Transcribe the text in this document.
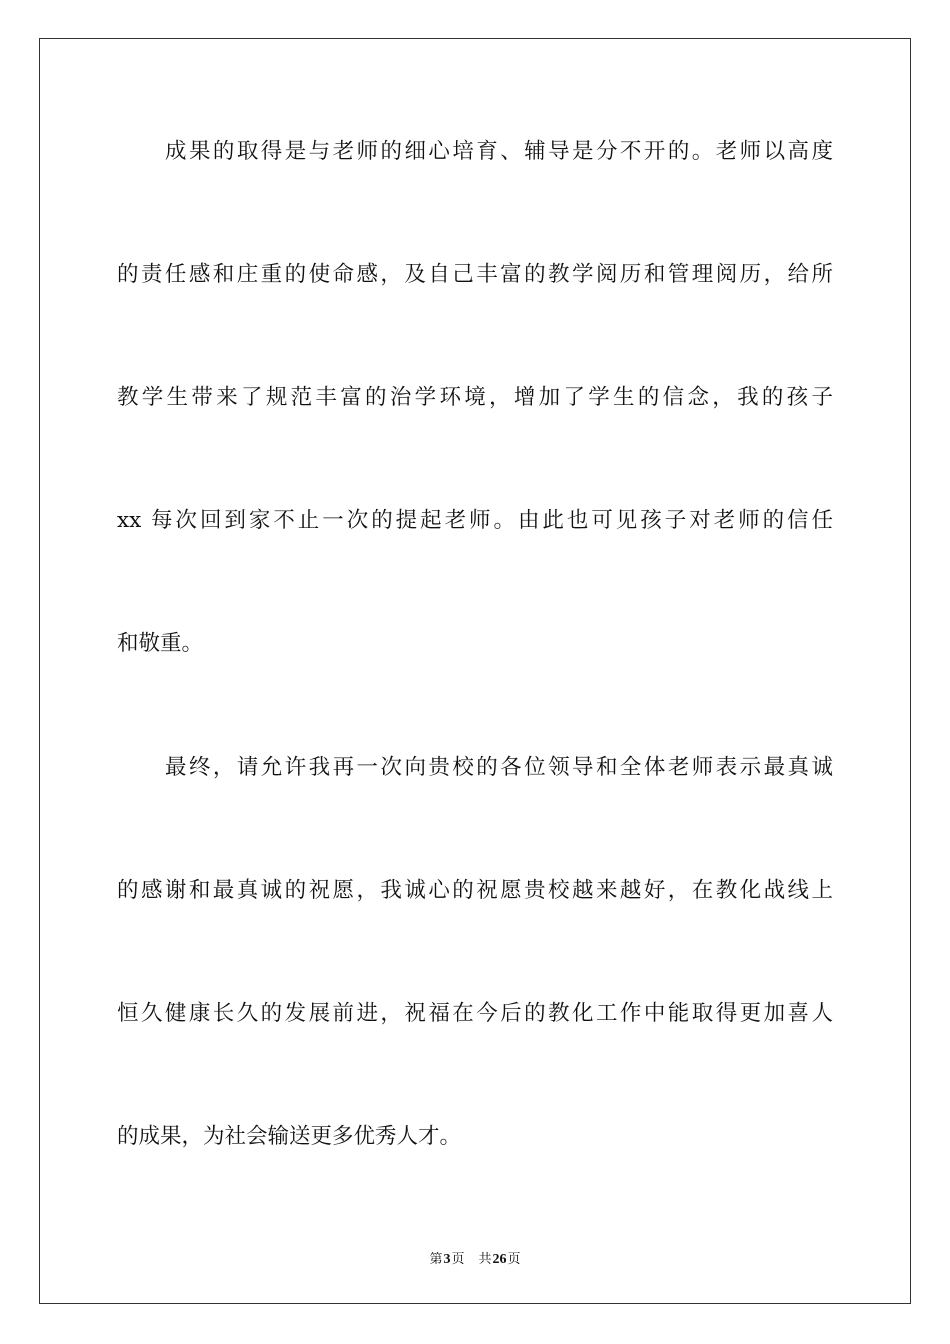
成果的取得是与老师的细心培育、辅导是分不开的。老师以高度
的责任感和庄重的使命感，及自己丰富的教学阅历和管理阅历，给所
教学生带来了规范丰富的治学环境，增加了学生的信念，我的孩子
xx 每次回到家不止一次的提起老师。由此也可见孩子对老师的信任
和敬重。
最终，请允许我再一次向贵校的各位领导和全体老师表示最真诚
的感谢和最真诚的祝愿，我诚心的祝愿贵校越来越好，在教化战线上
恒久健康长久的发展前进，祝福在今后的教化工作中能取得更加喜人
的成果，为社会输送更多优秀人才。
第3页 共26页
